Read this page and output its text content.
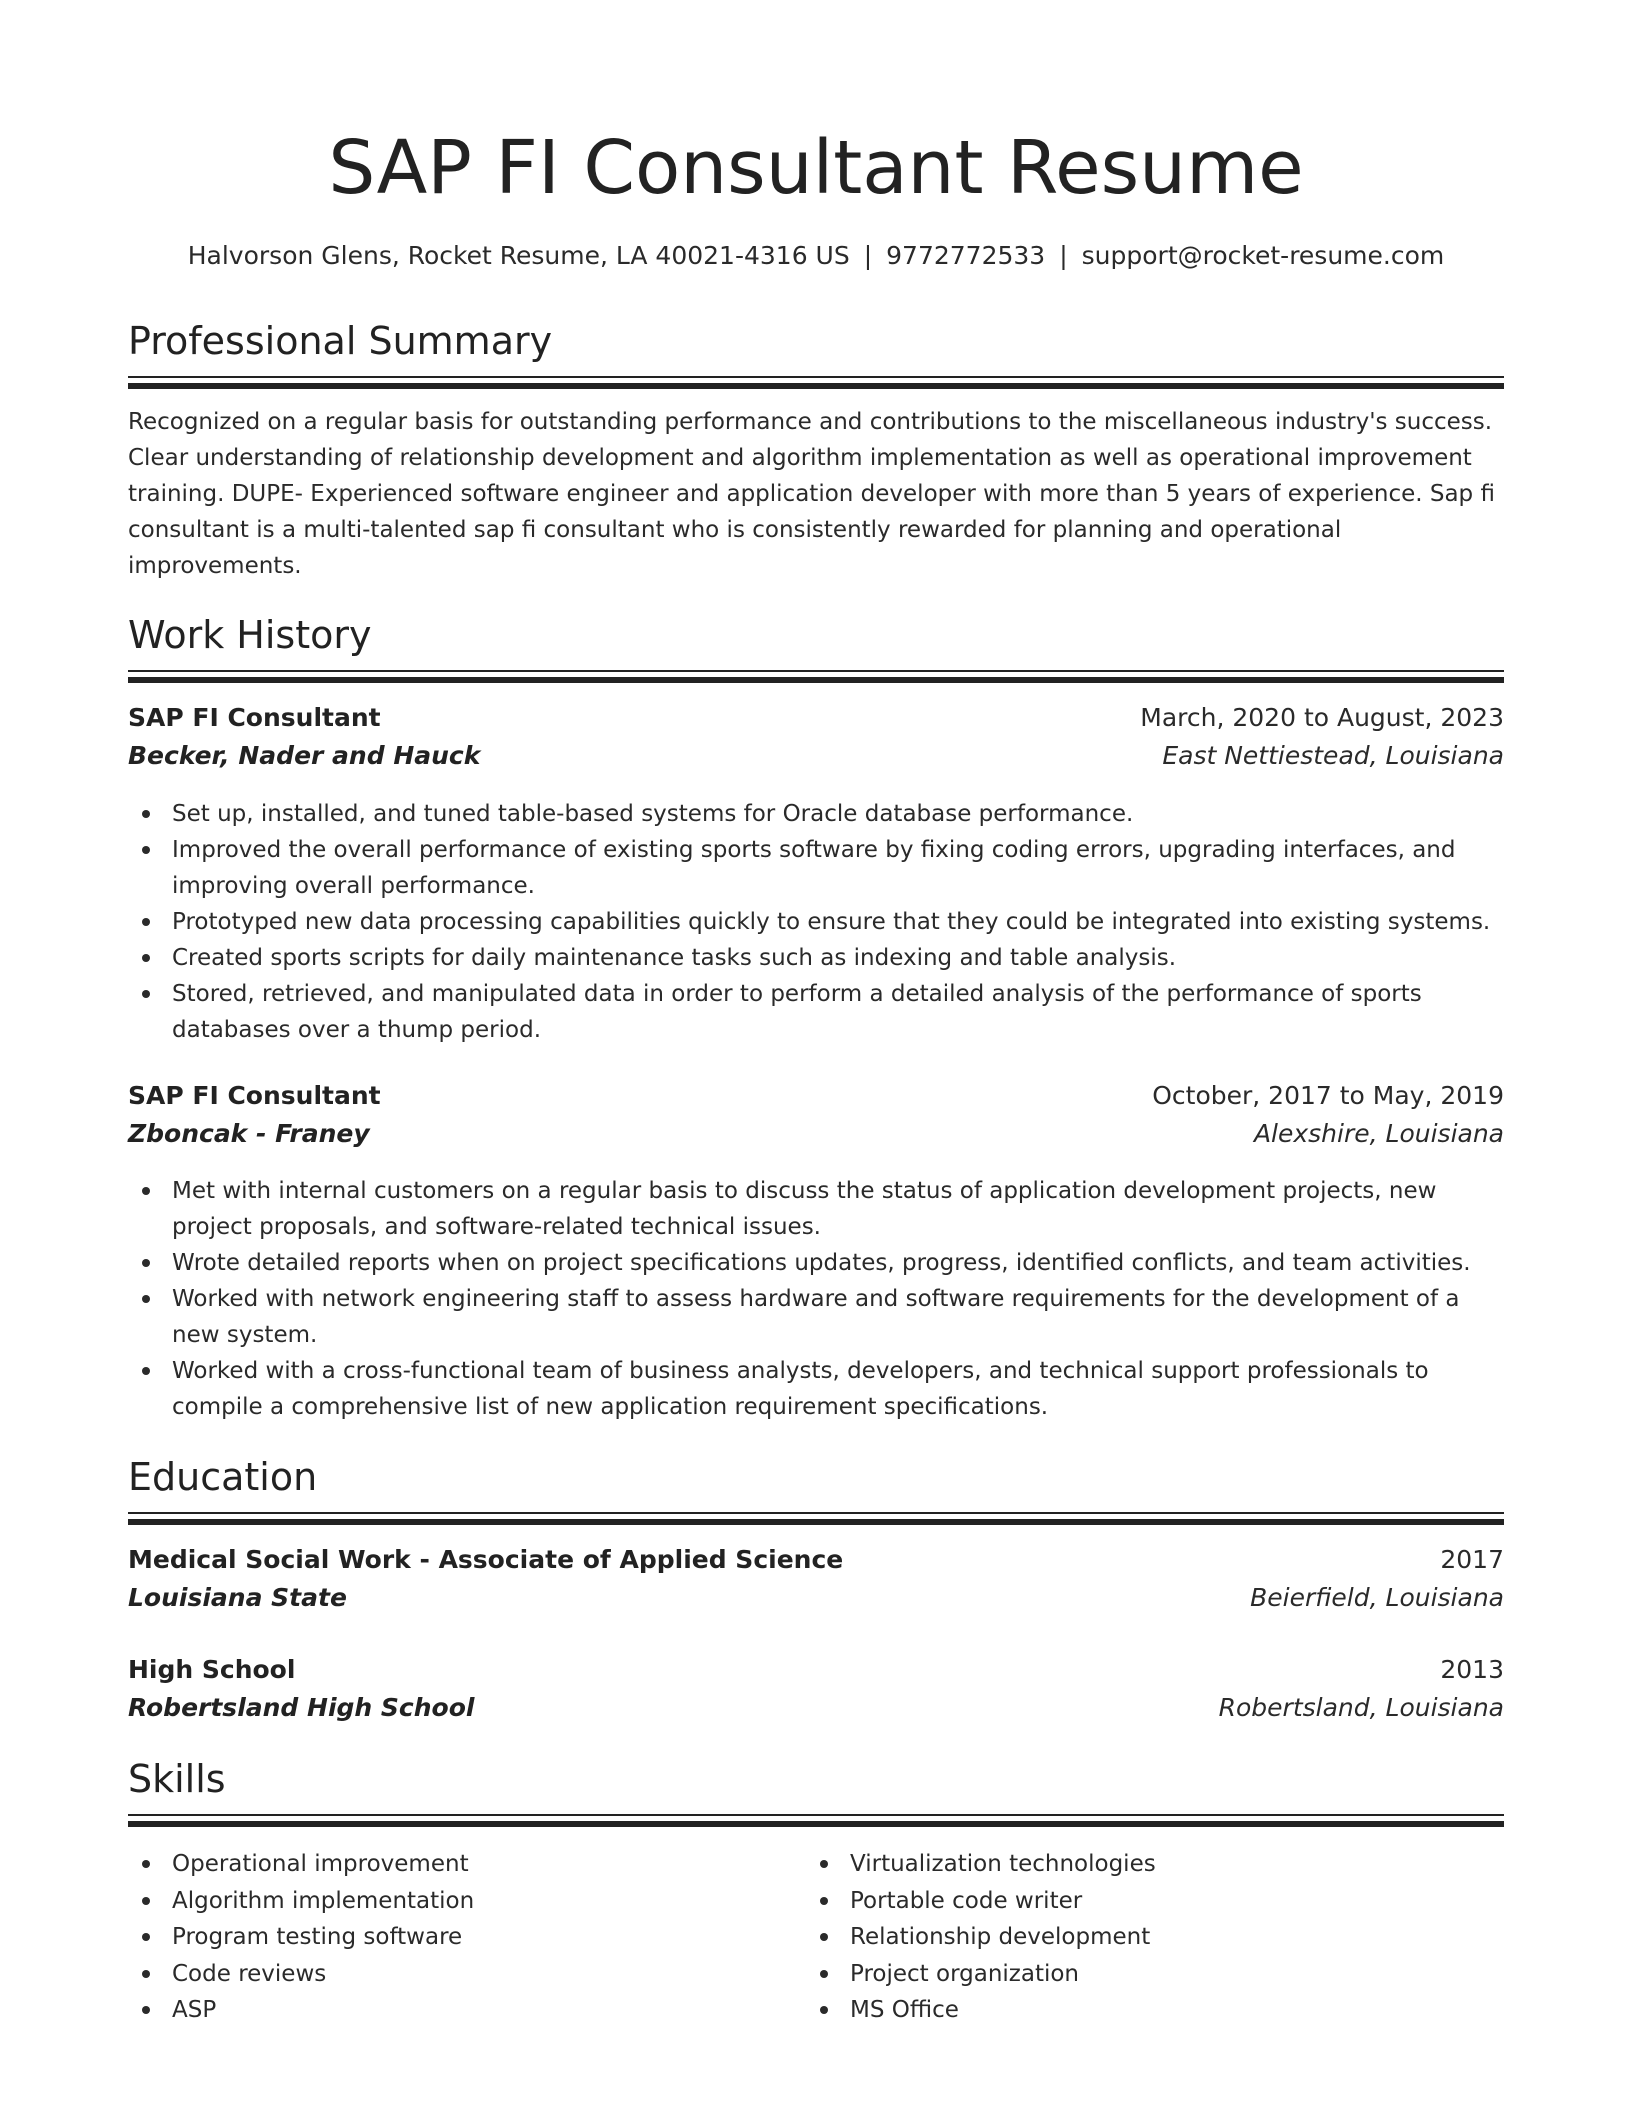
SAP FI Consultant Resume
Halvorson Glens, Rocket Resume, LA 40021-4316 US | 9772772533 | support@rocket-resume.com
Professional Summary

Recognized on a regular basis for outstanding performance and contributions to the miscellaneous industry's success. Clear understanding of relationship development and algorithm implementation as well as operational improvement training. DUPE- Experienced software engineer and application developer with more than 5 years of experience. Sap fi consultant is a multi-talented sap fi consultant who is consistently rewarded for planning and operational improvements.

Work History
SAP FI Consultant	March, 2020 to August, 2023
Becker, Nader and Hauck	East Nettiestead, Louisiana
Set up, installed, and tuned table-based systems for Oracle database performance.
Improved the overall performance of existing sports software by fixing coding errors, upgrading interfaces, and improving overall performance.
Prototyped new data processing capabilities quickly to ensure that they could be integrated into existing systems.
Created sports scripts for daily maintenance tasks such as indexing and table analysis.
Stored, retrieved, and manipulated data in order to perform a detailed analysis of the performance of sports databases over a thump period.
SAP FI Consultant	October, 2017 to May, 2019
Zboncak - Franey	Alexshire, Louisiana
Met with internal customers on a regular basis to discuss the status of application development projects, new project proposals, and software-related technical issues.
Wrote detailed reports when on project specifications updates, progress, identified conflicts, and team activities.
Worked with network engineering staff to assess hardware and software requirements for the development of a new system.
Worked with a cross-functional team of business analysts, developers, and technical support professionals to compile a comprehensive list of new application requirement specifications.
Education
Medical Social Work - Associate of Applied Science	2017
Louisiana State	Beierfield, Louisiana
High School	2013
Robertsland High School	Robertsland, Louisiana
Skills
Operational improvement
Algorithm implementation
Program testing software
Code reviews
ASP
Virtualization technologies
Portable code writer
Relationship development
Project organization
MS Office
